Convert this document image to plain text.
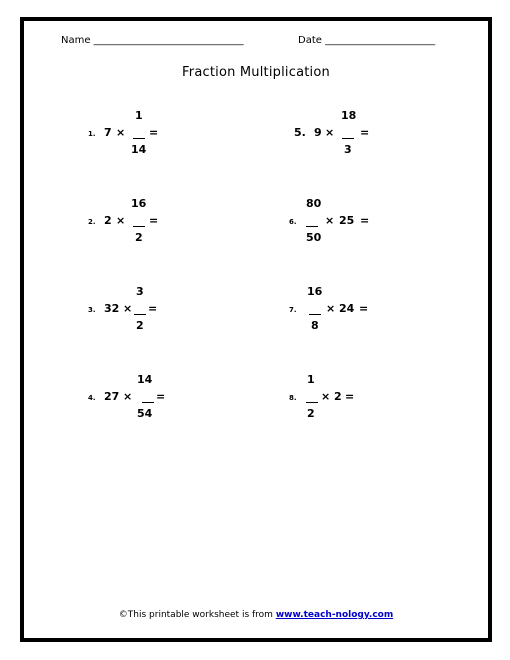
Name ______________________________	Date ______________________
Fraction Multiplication
1. 7 ×
1
14
=	5. 9 ×
18
3
=
2. 2 ×
16
2
=	6.
80
50
× 25 =
3. 32 ×
3
2
=	7.
16
8
× 24 =
4. 27 ×
14
54
=	8.
1
2
× 2 =
©This printable worksheet is from www.teach-nology.com
